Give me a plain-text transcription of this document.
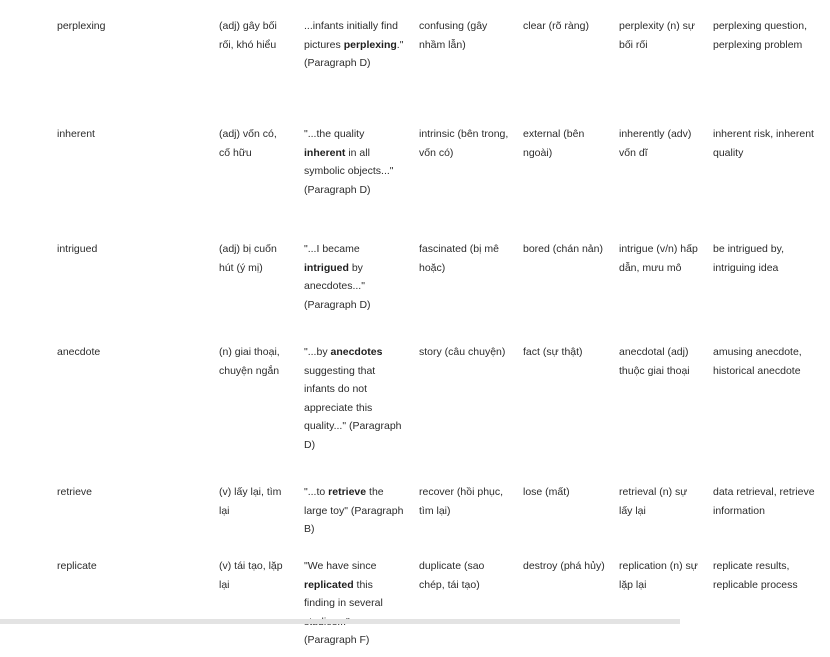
perplexing	(adj) gây bối rối, khó hiểu	...infants initially find pictures perplexing." (Paragraph D)	confusing (gây nhầm lẫn)	clear (rõ ràng)	perplexity (n) sự bối rối	perplexing question, perplexing problem

inherent	(adj) vốn có, cố hữu	"...the quality inherent in all symbolic objects..." (Paragraph D)	intrinsic (bên trong, vốn có)	external (bên ngoài)	inherently (adv) vốn dĩ	inherent risk, inherent quality

intrigued	(adj) bị cuốn hút (ý mị)	"...I became intrigued by anecdotes..." (Paragraph D)	fascinated (bị mê hoặc)	bored (chán nản)	intrigue (v/n) hấp dẫn, mưu mô	be intrigued by, intriguing idea

anecdote	(n) giai thoại, chuyện ngắn	"...by anecdotes suggesting that infants do not appreciate this quality..." (Paragraph D)	story (câu chuyện)	fact (sự thật)	anecdotal (adj) thuộc giai thoại	amusing anecdote, historical anecdote

retrieve	(v) lấy lại, tìm lại	"...to retrieve the large toy" (Paragraph B)	recover (hồi phục, tìm lại)	lose (mất)	retrieval (n) sự lấy lại	data retrieval, retrieve information

replicate	(v) tái tạo, lặp lại	"We have since replicated this finding in several (Paragraph F)	duplicate (sao chép, tái tạo)	destroy (phá hủy)	replication (n) sự lặp lại	replicate results, replicable process
